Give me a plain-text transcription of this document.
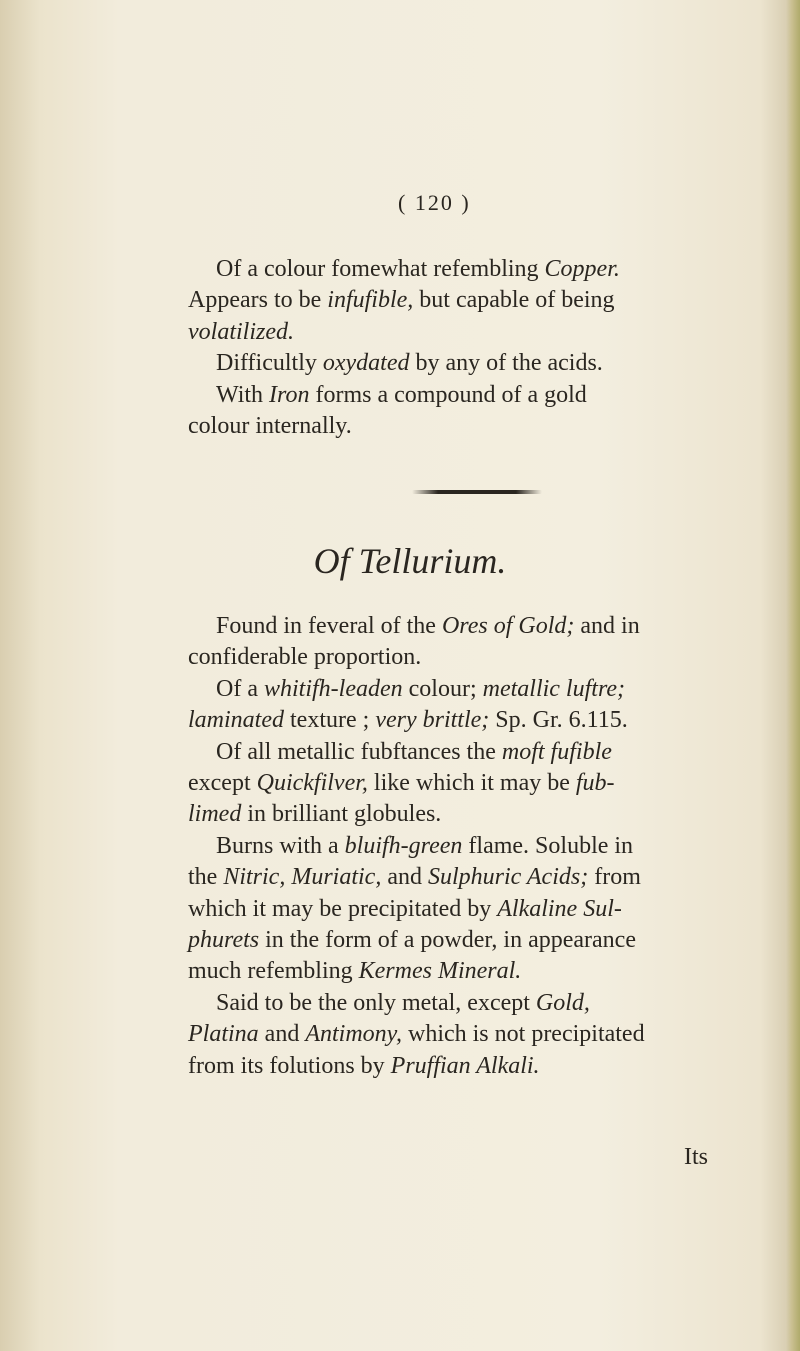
( 120 )

Of a colour fomewhat refembling Copper.

Appears to be infufible, but capable of being

volatilized.

Difficultly oxydated by any of the acids.

With Iron forms a compound of a gold

colour internally.

Of Tellurium.

Found in feveral of the Ores of Gold; and in

confiderable proportion.

Of a whitifh-leaden colour; metallic luftre;

laminated texture ; very brittle; Sp. Gr. 6.115.

Of all metallic fubftances the moft fufible

except Quickfilver, like which it may be fub-

limed in brilliant globules.

Burns with a bluifh-green flame. Soluble in

the Nitric, Muriatic, and Sulphuric Acids; from

which it may be precipitated by Alkaline Sul-

phurets in the form of a powder, in appearance

much refembling Kermes Mineral.

Said to be the only metal, except Gold,

Platina and Antimony, which is not precipitated

from its folutions by Pruffian Alkali.

Its
